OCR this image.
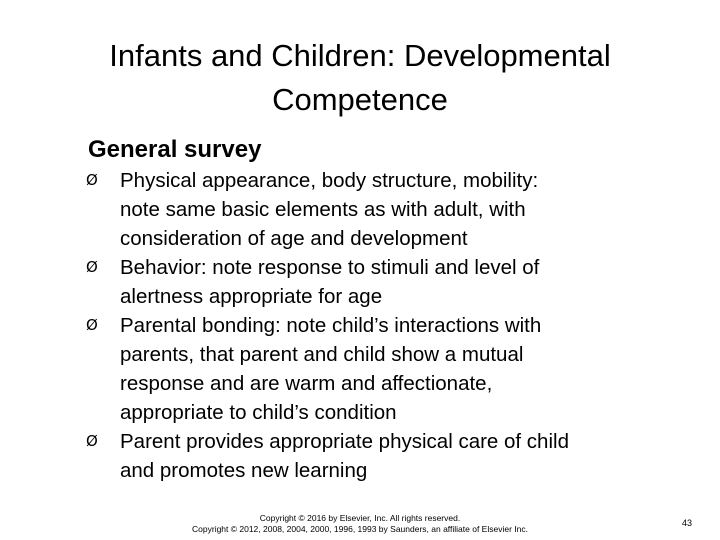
Infants and Children: Developmental
Competence
General survey
Ø	Physical appearance, body structure, mobility:
note same basic elements as with adult, with
consideration of age and development
Ø	Behavior: note response to stimuli and level of
alertness appropriate for age
Ø	Parental bonding: note child’s interactions with
parents, that parent and child show a mutual
response and are warm and affectionate,
appropriate to child’s condition
Ø	Parent provides appropriate physical care of child
and promotes new learning
Copyright © 2016 by Elsevier, Inc. All rights reserved.
Copyright © 2012, 2008, 2004, 2000, 1996, 1993 by Saunders, an affiliate of Elsevier Inc.
43
